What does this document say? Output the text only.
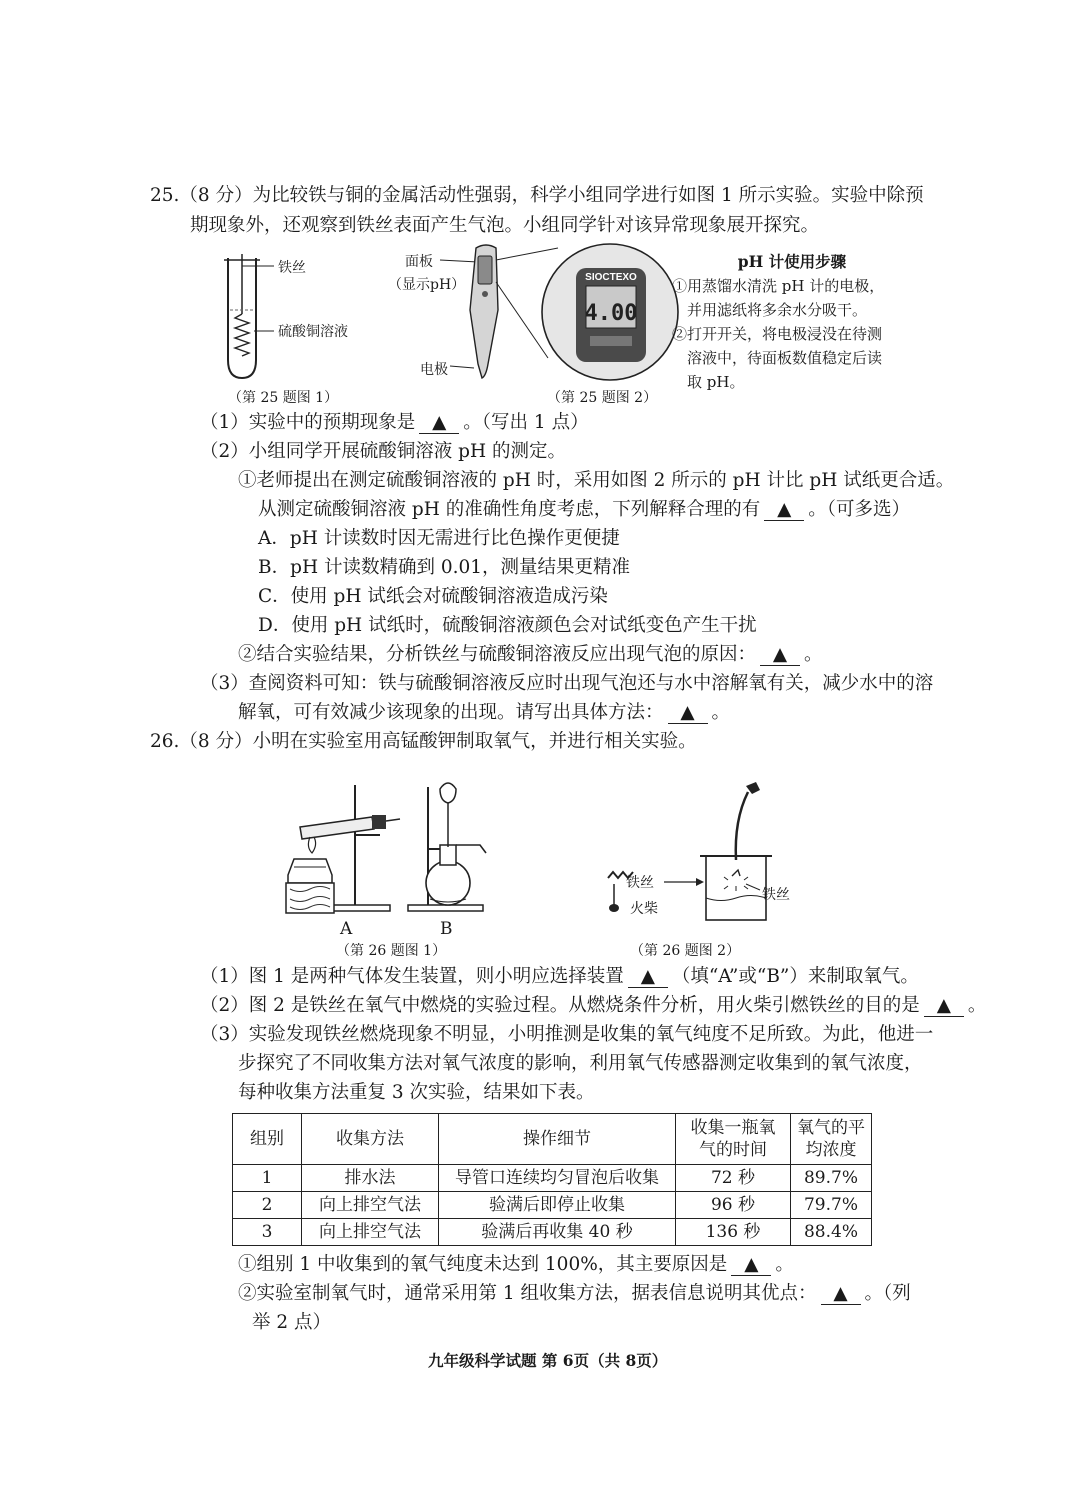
25.（8 分）为比较铁与铜的金属活动性强弱，科学小组同学进行如图 1 所示实验。实验中除预
期现象外，还观察到铁丝表面产生气泡。小组同学针对该异常现象展开探究。
铁丝
硫酸铜溶液
（第 25 题图 1）
面板
（显示pH）
电极
SIOCTEXO
4.00
（第 25 题图 2）
pH 计使用步骤
①用蒸馏水清洗 pH 计的电极，
并用滤纸将多余水分吸干。
②打开开关，将电极浸没在待测
溶液中，待面板数值稳定后读
取 pH。
（1）实验中的预期现象是 ▲ 。（写出 1 点）
（2）小组同学开展硫酸铜溶液 pH 的测定。
①老师提出在测定硫酸铜溶液的 pH 时，采用如图 2 所示的 pH 计比 pH 试纸更合适。
从测定硫酸铜溶液 pH 的准确性角度考虑，下列解释合理的有 ▲ 。（可多选）
A．pH 计读数时因无需进行比色操作更便捷
B．pH 计读数精确到 0.01，测量结果更精准
C．使用 pH 试纸会对硫酸铜溶液造成污染
D．使用 pH 试纸时，硫酸铜溶液颜色会对试纸变色产生干扰
②结合实验结果，分析铁丝与硫酸铜溶液反应出现气泡的原因： ▲ 。
（3）查阅资料可知：铁与硫酸铜溶液反应时出现气泡还与水中溶解氧有关，减少水中的溶
解氧，可有效减少该现象的出现。请写出具体方法： ▲ 。
26.（8 分）小明在实验室用高锰酸钾制取氧气，并进行相关实验。
A	B
（第 26 题图 1）
铁丝
火柴
铁丝
（第 26 题图 2）
（1）图 1 是两种气体发生装置，则小明应选择装置 ▲ （填“A”或“B”）来制取氧气。
（2）图 2 是铁丝在氧气中燃烧的实验过程。从燃烧条件分析，用火柴引燃铁丝的目的是 ▲ 。
（3）实验发现铁丝燃烧现象不明显，小明推测是收集的氧气纯度不足所致。为此，他进一
步探究了不同收集方法对氧气浓度的影响，利用氧气传感器测定收集到的氧气浓度，
每种收集方法重复 3 次实验，结果如下表。
组别	收集方法	操作细节	收集一瓶氧
气的时间	氧气的平
均浓度
1	排水法	导管口连续均匀冒泡后收集	72 秒	89.7%
2	向上排空气法	验满后即停止收集	96 秒	79.7%
3	向上排空气法	验满后再收集 40 秒	136 秒	88.4%
①组别 1 中收集到的氧气纯度未达到 100%，其主要原因是 ▲ 。
②实验室制氧气时，通常采用第 1 组收集方法，据表信息说明其优点： ▲ 。（列
举 2 点）
九年级科学试题 第 6页（共 8页）
